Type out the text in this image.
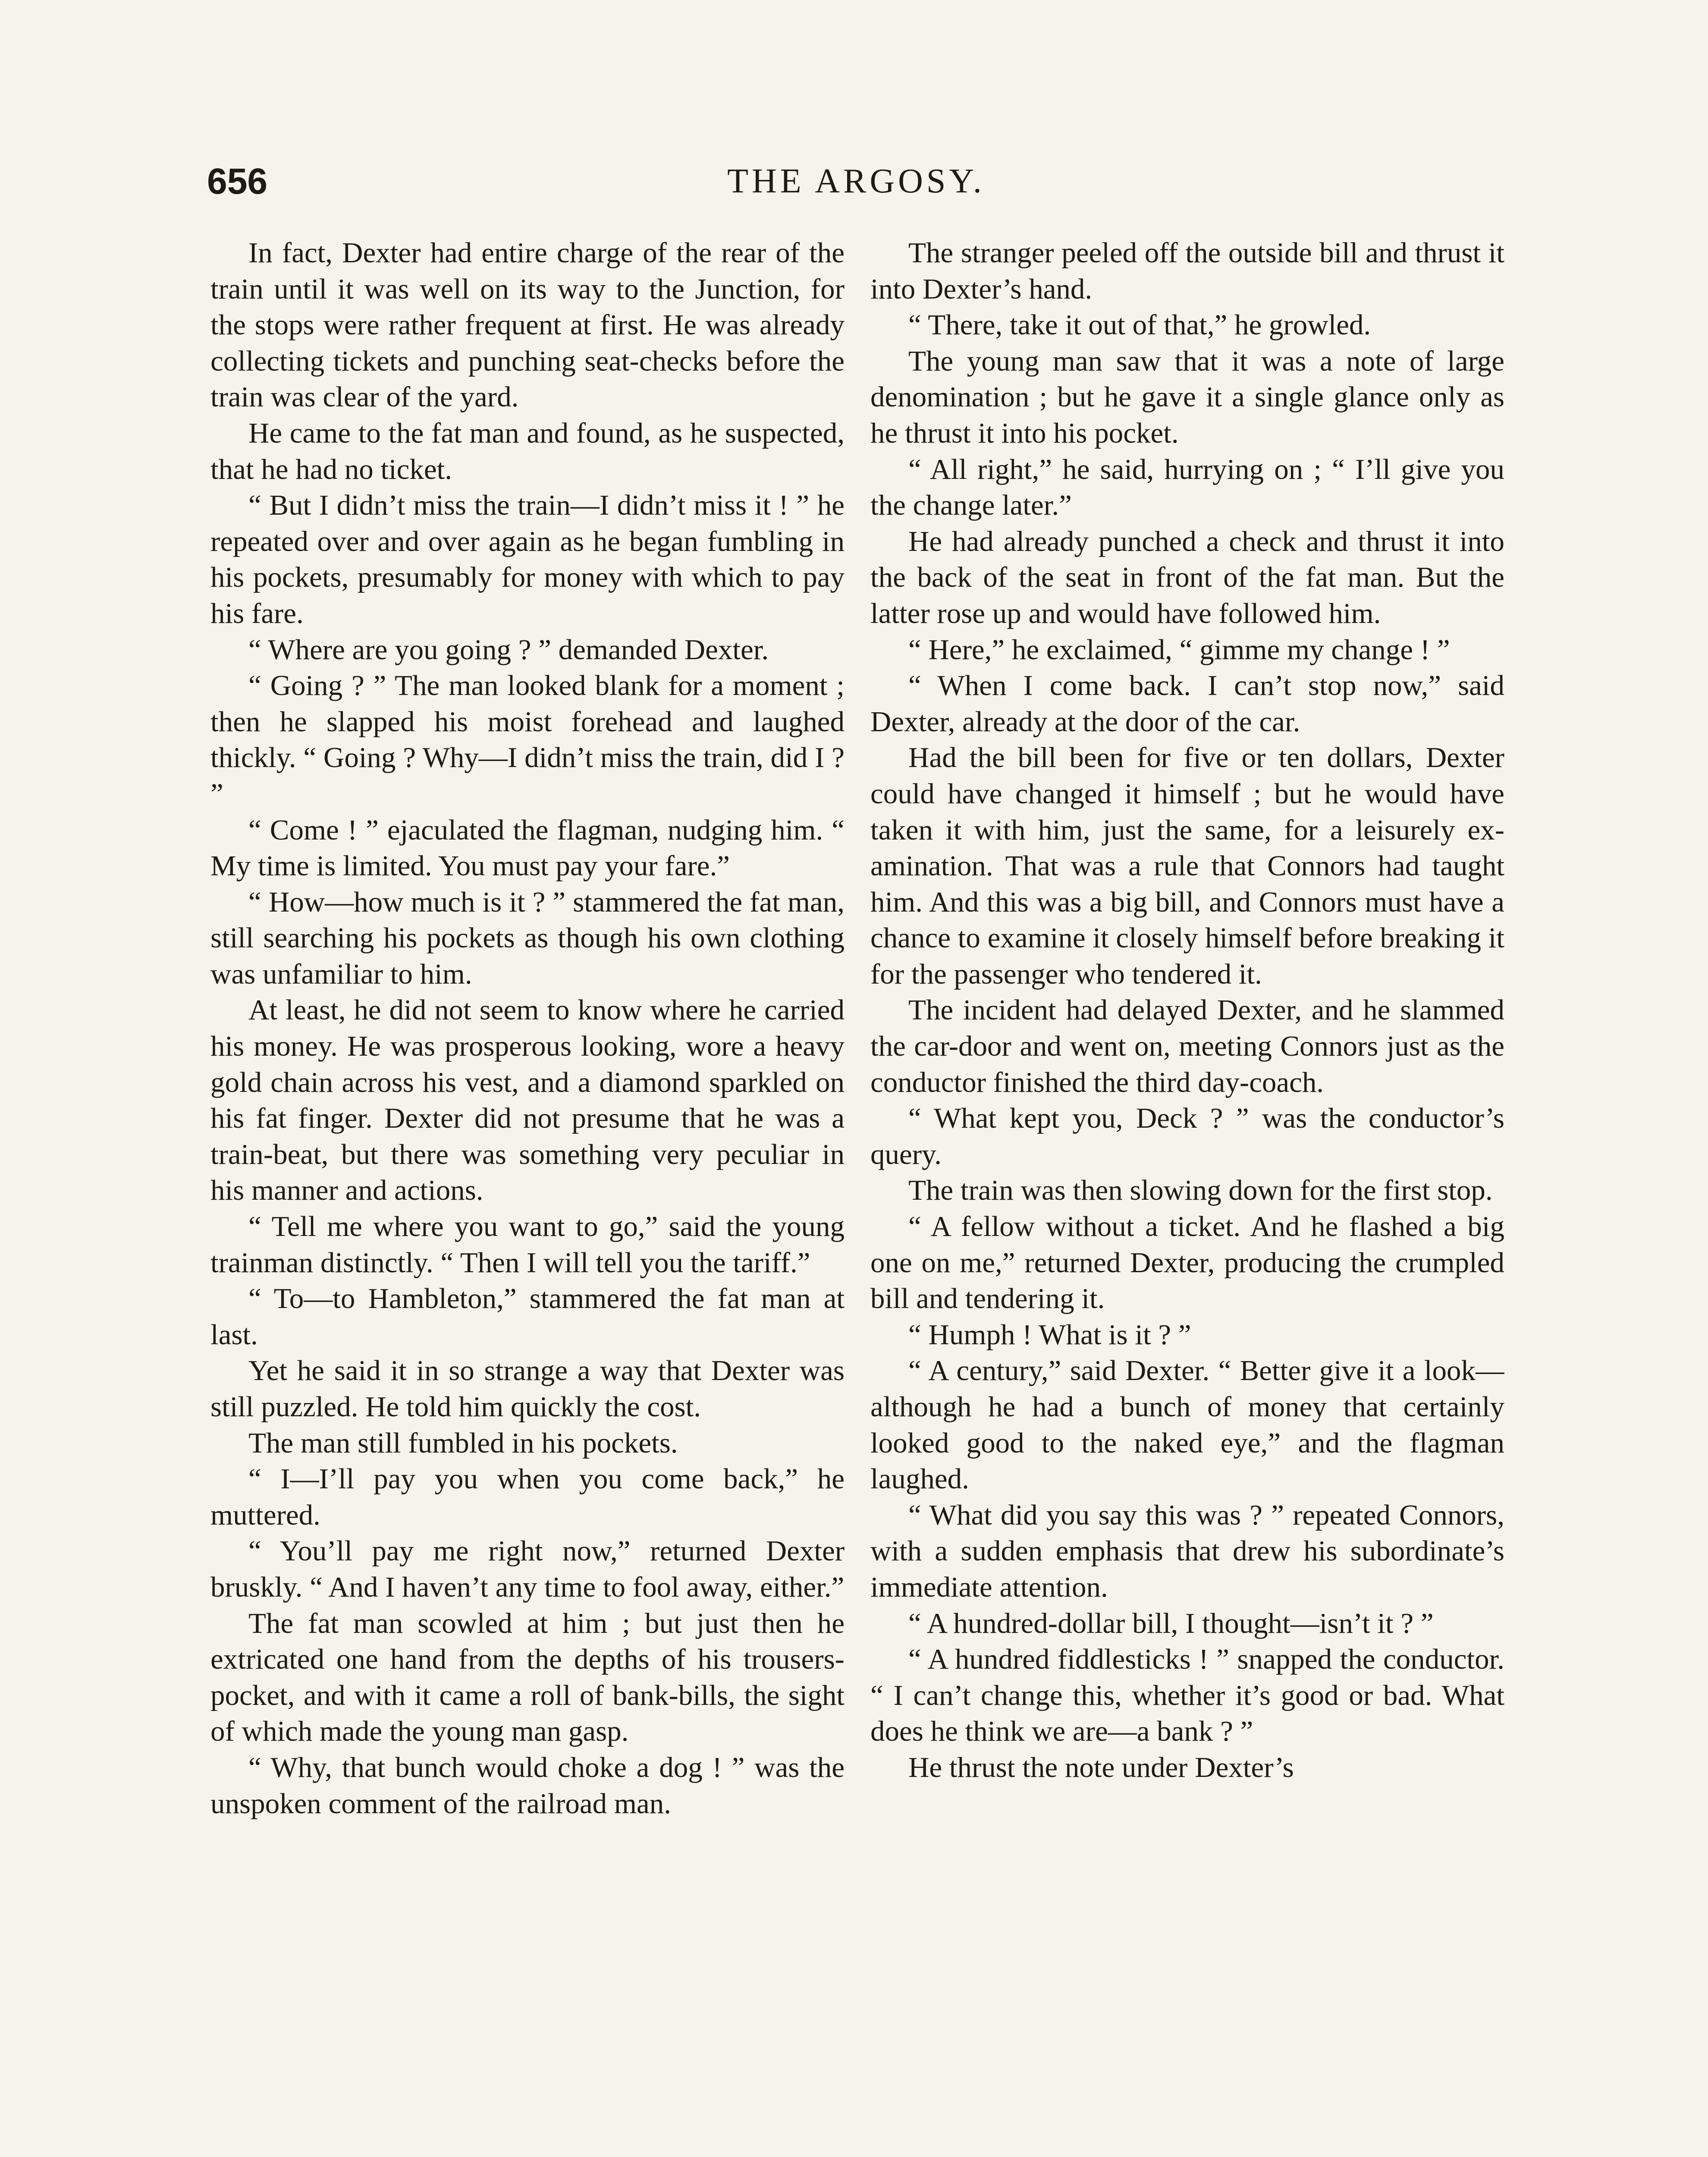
656	THE ARGOSY.

In fact, Dexter had entire charge of the rear of the train until it was well on its way to the Junction, for the stops were rather frequent at first. He was already collecting tickets and punching seat-checks before the train was clear of the yard.

He came to the fat man and found, as he suspected, that he had no ticket.

“ But I didn’t miss the train—I didn’t miss it ! ” he repeated over and over again as he began fumbling in his pockets, presumably for money with which to pay his fare.

“ Where are you going ? ” demanded Dexter.

“ Going ? ” The man looked blank for a moment ; then he slapped his moist forehead and laughed thickly. “ Going ? Why—I didn’t miss the train, did I ? ”

“ Come ! ” ejaculated the flagman, nudging him. “ My time is limited. You must pay your fare.”

“ How—how much is it ? ” stammered the fat man, still searching his pockets as though his own clothing was unfamiliar to him.

At least, he did not seem to know where he carried his money. He was prosperous looking, wore a heavy gold chain across his vest, and a diamond sparkled on his fat finger. Dexter did not presume that he was a train-beat, but there was something very peculiar in his manner and actions.

“ Tell me where you want to go,” said the young trainman distinctly. “ Then I will tell you the tariff.”

“ To—to Hambleton,” stammered the fat man at last.

Yet he said it in so strange a way that Dexter was still puzzled. He told him quickly the cost.

The man still fumbled in his pockets.

“ I—I’ll pay you when you come back,” he muttered.

“ You’ll pay me right now,” returned Dexter bruskly. “ And I haven’t any time to fool away, either.”

The fat man scowled at him ; but just then he extricated one hand from the depths of his trousers-pocket, and with it came a roll of bank-bills, the sight of which made the young man gasp.

“ Why, that bunch would choke a dog ! ” was the unspoken comment of the railroad man.

The stranger peeled off the outside bill and thrust it into Dexter’s hand.

“ There, take it out of that,” he growled.

The young man saw that it was a note of large denomination ; but he gave it a single glance only as he thrust it into his pocket.

“ All right,” he said, hurrying on ; “ I’ll give you the change later.”

He had already punched a check and thrust it into the back of the seat in front of the fat man. But the latter rose up and would have followed him.

“ Here,” he exclaimed, “ gimme my change ! ”

“ When I come back. I can’t stop now,” said Dexter, already at the door of the car.

Had the bill been for five or ten dollars, Dexter could have changed it himself ; but he would have taken it with him, just the same, for a leisurely examination. That was a rule that Connors had taught him. And this was a big bill, and Connors must have a chance to examine it closely himself before breaking it for the passenger who tendered it.

The incident had delayed Dexter, and he slammed the car-door and went on, meeting Connors just as the conductor finished the third day-coach.

“ What kept you, Deck ? ” was the conductor’s query.

The train was then slowing down for the first stop.

“ A fellow without a ticket. And he flashed a big one on me,” returned Dexter, producing the crumpled bill and tendering it.

“ Humph ! What is it ? ”

“ A century,” said Dexter. “ Better give it a look—although he had a bunch of money that certainly looked good to the naked eye,” and the flagman laughed.

“ What did you say this was ? ” repeated Connors, with a sudden emphasis that drew his subordinate’s immediate attention.

“ A hundred-dollar bill, I thought—isn’t it ? ”

“ A hundred fiddlesticks ! ” snapped the conductor. “ I can’t change this, whether it’s good or bad. What does he think we are—a bank ? ”

He thrust the note under Dexter’s
